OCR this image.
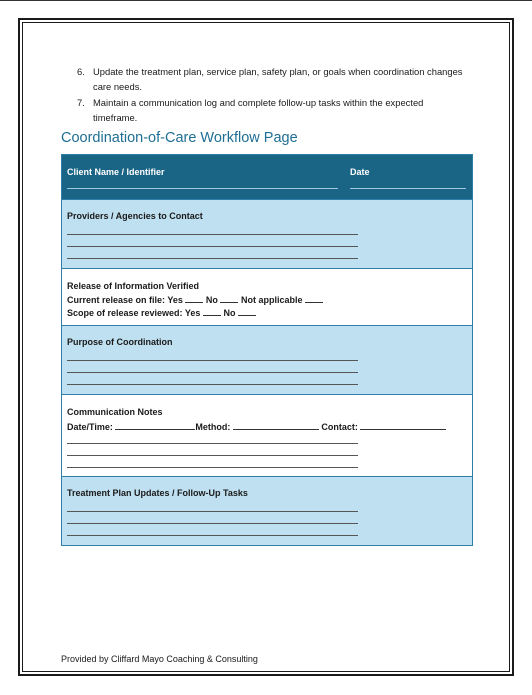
6. Update the treatment plan, service plan, safety plan, or goals when coordination changes care needs.
7. Maintain a communication log and complete follow-up tasks within the expected timeframe.
Coordination-of-Care Workflow Page
Client Name / Identifier	Date
Providers / Agencies to Contact
Release of Information Verified
Current release on file: Yes	No	Not applicable
Scope of release reviewed: Yes	No
Purpose of Coordination
Communication Notes
Date/Time:	Method:	Contact:
Treatment Plan Updates / Follow-Up Tasks
Provided by Cliffard Mayo Coaching & Consulting
